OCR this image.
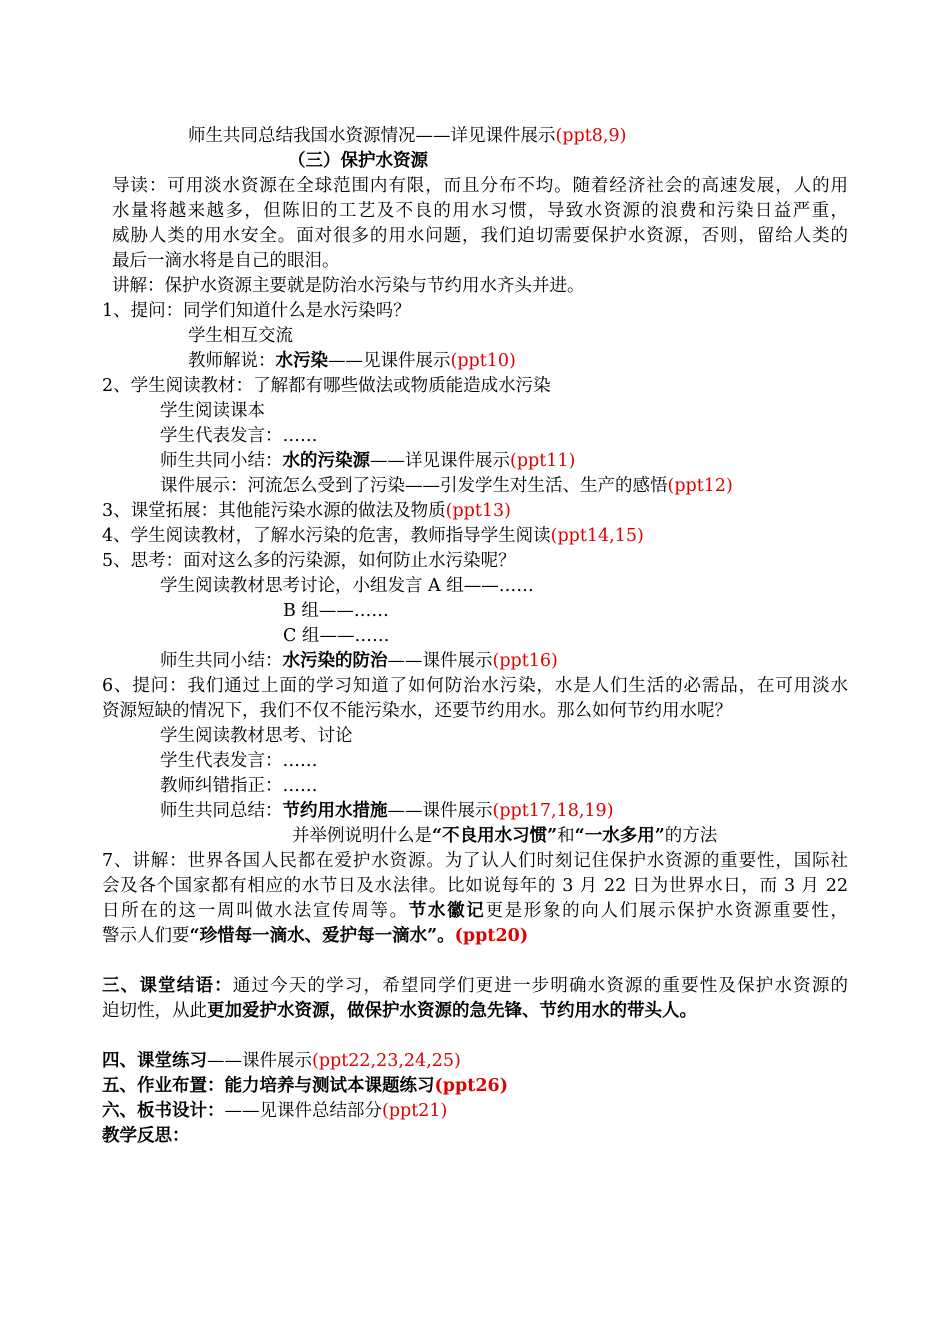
师生共同总结我国水资源情况——详见课件展示(ppt8,9)
（三）保护水资源
导读：可用淡水资源在全球范围内有限，而且分布不均。随着经济社会的高速发展，人的用
水量将越来越多，但陈旧的工艺及不良的用水习惯，导致水资源的浪费和污染日益严重，
威胁人类的用水安全。面对很多的用水问题，我们迫切需要保护水资源，否则，留给人类的
最后一滴水将是自己的眼泪。
讲解：保护水资源主要就是防治水污染与节约用水齐头并进。
1、提问：同学们知道什么是水污染吗？
学生相互交流
教师解说：水污染——见课件展示(ppt10)
2、学生阅读教材：了解都有哪些做法或物质能造成水污染
学生阅读课本
学生代表发言：……
师生共同小结：水的污染源——详见课件展示(ppt11)
课件展示：河流怎么受到了污染——引发学生对生活、生产的感悟(ppt12)
3、课堂拓展：其他能污染水源的做法及物质(ppt13)
4、学生阅读教材，了解水污染的危害，教师指导学生阅读(ppt14,15)
5、思考：面对这么多的污染源，如何防止水污染呢？
学生阅读教材思考讨论，小组发言 A 组——……
B 组——……
C 组——……
师生共同小结：水污染的防治——课件展示(ppt16)
6、提问：我们通过上面的学习知道了如何防治水污染，水是人们生活的必需品，在可用淡水
资源短缺的情况下，我们不仅不能污染水，还要节约用水。那么如何节约用水呢？
学生阅读教材思考、讨论
学生代表发言：……
教师纠错指正：……
师生共同总结：节约用水措施——课件展示(ppt17,18,19)
并举例说明什么是“不良用水习惯”和“一水多用”的方法
7、讲解：世界各国人民都在爱护水资源。为了认人们时刻记住保护水资源的重要性，国际社
会及各个国家都有相应的水节日及水法律。比如说每年的 3 月 22 日为世界水日，而 3 月 22
日所在的这一周叫做水法宣传周等。节水徽记更是形象的向人们展示保护水资源重要性，
警示人们要“珍惜每一滴水、爱护每一滴水”。(ppt20)
三、课堂结语：通过今天的学习，希望同学们更进一步明确水资源的重要性及保护水资源的
迫切性，从此更加爱护水资源，做保护水资源的急先锋、节约用水的带头人。
四、课堂练习——课件展示(ppt22,23,24,25)
五、作业布置：能力培养与测试本课题练习(ppt26)
六、板书设计：——见课件总结部分(ppt21)
教学反思：
